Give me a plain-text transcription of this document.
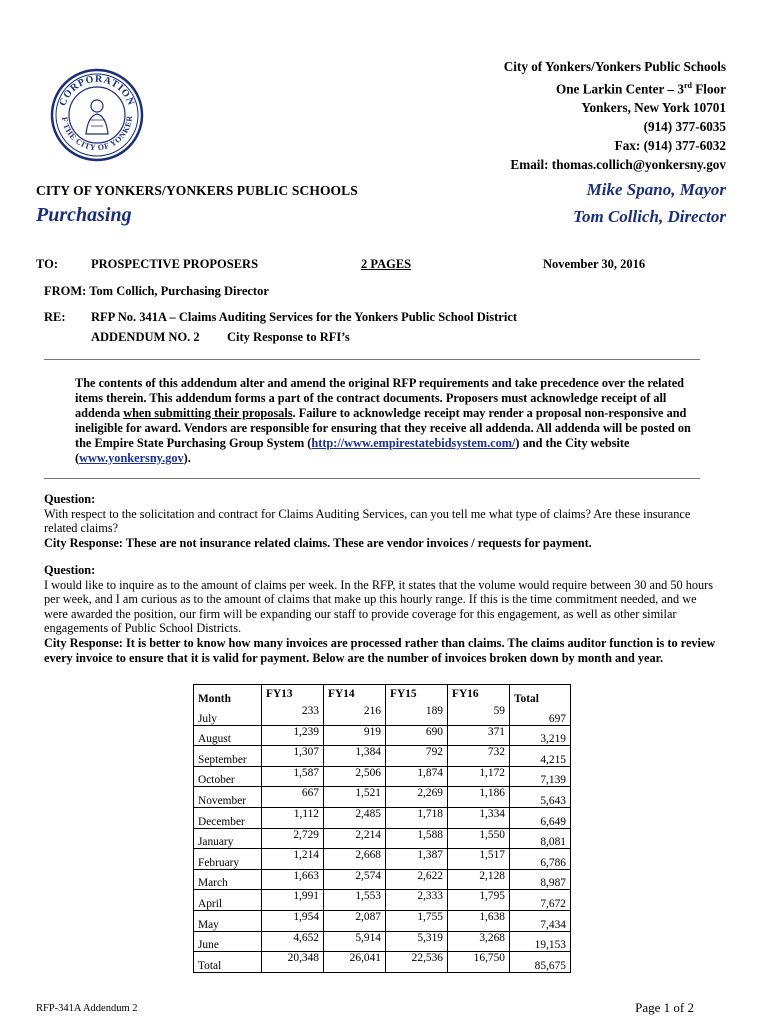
CORPORATION
F THE CITY OF YONKER
City of Yonkers/Yonkers Public Schools
One Larkin Center – 3rd Floor
Yonkers, New York 10701
(914) 377-6035
Fax: (914) 377-6032
Email: thomas.collich@yonkersny.gov
CITY OF YONKERS/YONKERS PUBLIC SCHOOLS
Purchasing
Mike Spano, Mayor
Tom Collich, Director
TO:	PROSPECTIVE PROPOSERS	2 PAGES	November 30, 2016
FROM: Tom Collich, Purchasing Director
RE: RFP No. 341A – Claims Auditing Services for the Yonkers Public School District
ADDENDUM NO. 2 City Response to RFI’s
The contents of this addendum alter and amend the original RFP requirements and take precedence over the related items therein. This addendum forms a part of the contract documents. Proposers must acknowledge receipt of all addenda when submitting their proposals. Failure to acknowledge receipt may render a proposal non-responsive and ineligible for award. Vendors are responsible for ensuring that they receive all addenda. All addenda will be posted on the Empire State Purchasing Group System (http://www.empirestatebidsystem.com/) and the City website (www.yonkersny.gov).
Question:
With respect to the solicitation and contract for Claims Auditing Services, can you tell me what type of claims? Are these insurance related claims?
City Response: These are not insurance related claims. These are vendor invoices / requests for payment.
Question:
I would like to inquire as to the amount of claims per week. In the RFP, it states that the volume would require between 30 and 50 hours per week, and I am curious as to the amount of claims that make up this hourly range. If this is the time commitment needed, and we were awarded the position, our firm will be expanding our staff to provide coverage for this engagement, as well as other similar engagements of Public School Districts.
City Response: It is better to know how many invoices are processed rather than claims. The claims auditor function is to review every invoice to ensure that it is valid for payment. Below are the number of invoices broken down by month and year.
Month	FY13	FY14	FY15	FY16	Total
July	233	216	189	59	697
August	1,239	919	690	371	3,219
September	1,307	1,384	792	732	4,215
October	1,587	2,506	1,874	1,172	7,139
November	667	1,521	2,269	1,186	5,643
December	1,112	2,485	1,718	1,334	6,649
January	2,729	2,214	1,588	1,550	8,081
February	1,214	2,668	1,387	1,517	6,786
March	1,663	2,574	2,622	2,128	8,987
April	1,991	1,553	2,333	1,795	7,672
May	1,954	2,087	1,755	1,638	7,434
June	4,652	5,914	5,319	3,268	19,153
Total	20,348	26,041	22,536	16,750	85,675
RFP-341A Addendum 2	Page 1 of 2
